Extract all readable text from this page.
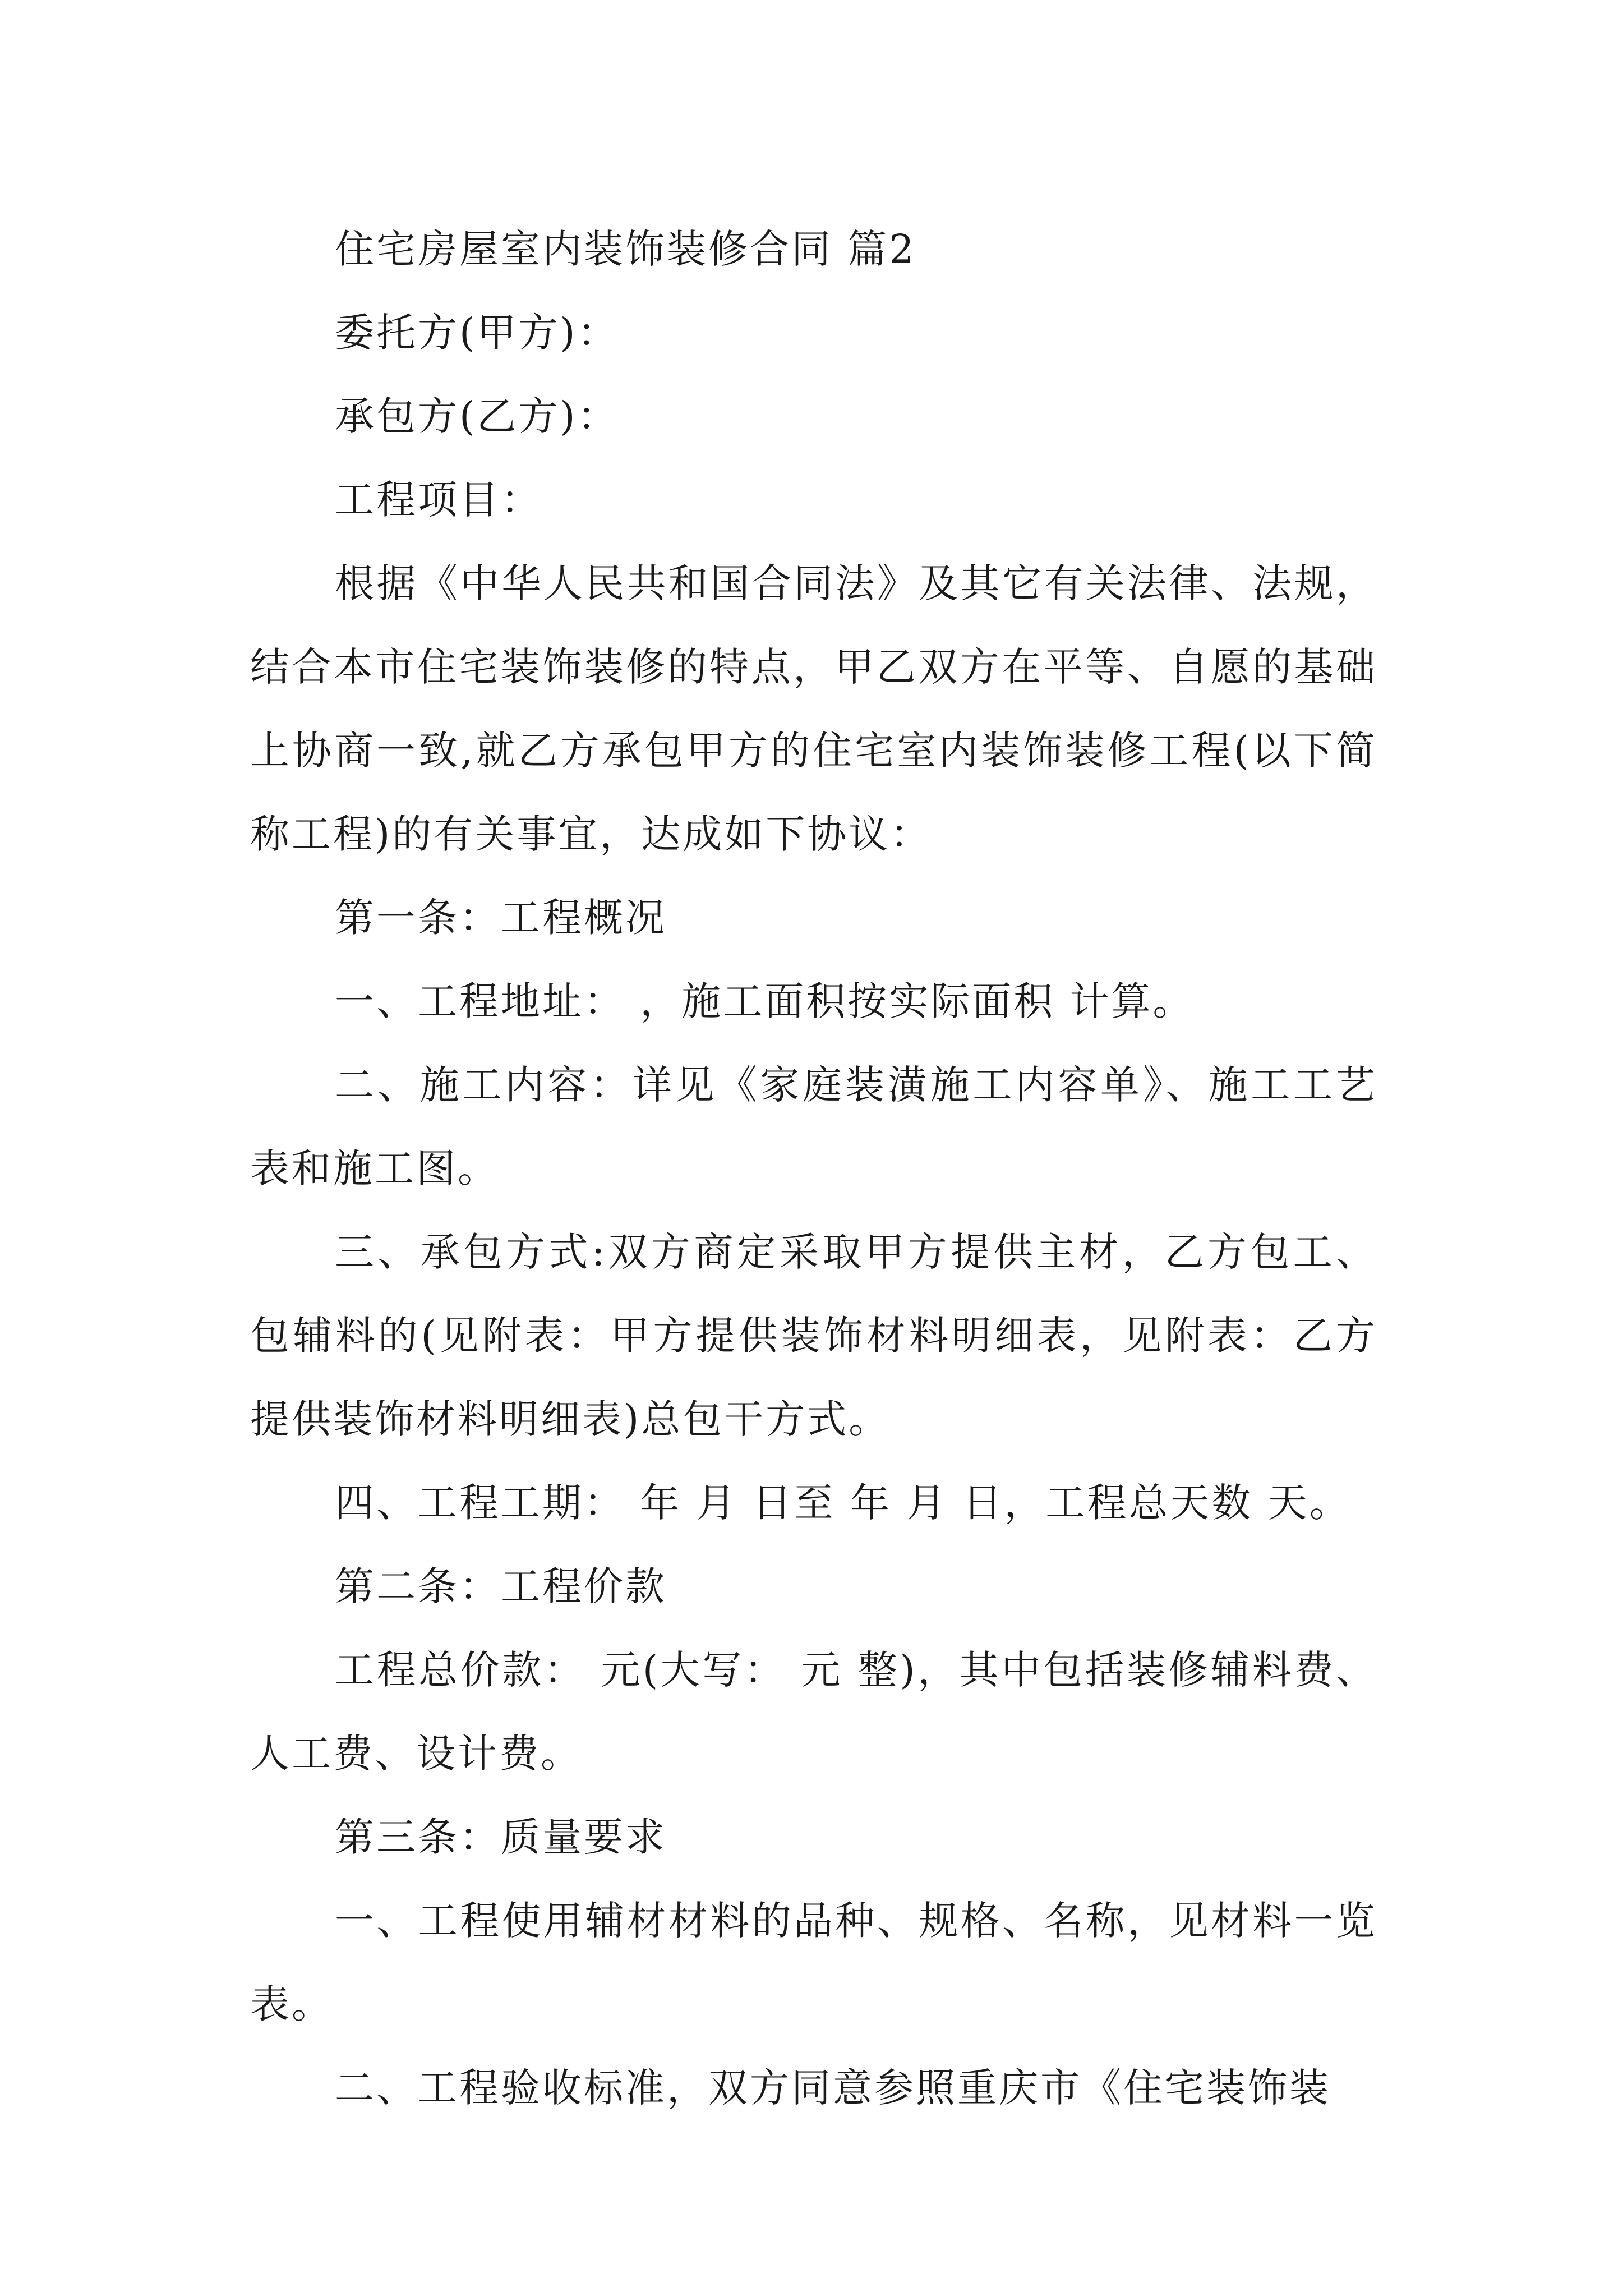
住宅房屋室内装饰装修合同 篇2

委托方(甲方)：

承包方(乙方)：

工程项目：

根据《中华人民共和国合同法》及其它有关法律、法规，结合本市住宅装饰装修的特点，甲乙双方在平等、自愿的基础上协商一致,就乙方承包甲方的住宅室内装饰装修工程(以下简称工程)的有关事宜，达成如下协议：

第一条：工程概况

一、工程地址： ，施工面积按实际面积 计算。

二、施工内容：详见《家庭装潢施工内容单》、施工工艺表和施工图。

三、承包方式:双方商定采取甲方提供主材，乙方包工、包辅料的(见附表：甲方提供装饰材料明细表，见附表：乙方提供装饰材料明细表)总包干方式。

四、工程工期： 年 月 日至 年 月 日，工程总天数 天。

第二条：工程价款

工程总价款： 元(大写： 元 整)，其中包括装修辅料费、人工费、设计费。

第三条：质量要求

一、工程使用辅材材料的品种、规格、名称，见材料一览表。

二、工程验收标准，双方同意参照重庆市《住宅装饰装
